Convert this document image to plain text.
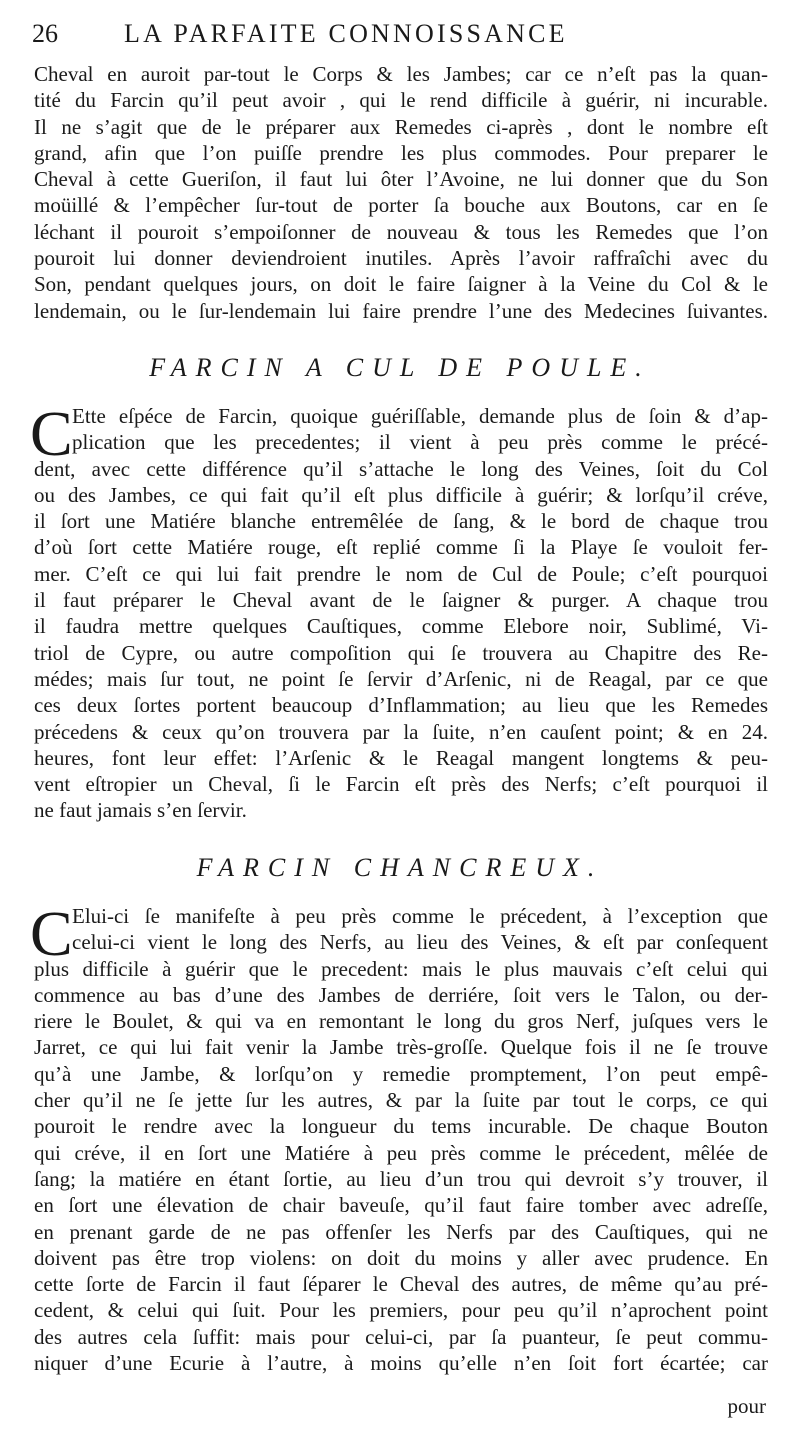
26	LA PARFAITE CONNOISSANCE
Cheval en auroit par-tout le Corps & les Jambes; car ce n’eſt pas la quan-
tité du Farcin qu’il peut avoir , qui le rend difficile à guérir, ni incurable.
Il ne s’agit que de le préparer aux Remedes ci-après , dont le nombre eſt
grand, afin que l’on puiſſe prendre les plus commodes. Pour preparer le
Cheval à cette Gueriſon, il faut lui ôter l’Avoine, ne lui donner que du Son
moüillé & l’empêcher ſur-tout de porter ſa bouche aux Boutons, car en ſe
léchant il pouroit s’empoiſonner de nouveau & tous les Remedes que l’on
pouroit lui donner deviendroient inutiles. Après l’avoir raffraîchi avec du
Son, pendant quelques jours, on doit le faire ſaigner à la Veine du Col & le
lendemain, ou le ſur-lendemain lui faire prendre l’une des Medecines ſuivantes.
FARCIN A CUL DE POULE.
C Ette eſpéce de Farcin, quoique guériſſable, demande plus de ſoin & d’ap-
plication que les precedentes; il vient à peu près comme le précé-
dent, avec cette différence qu’il s’attache le long des Veines, ſoit du Col
ou des Jambes, ce qui fait qu’il eſt plus difficile à guérir; & lorſqu’il créve,
il ſort une Matiére blanche entremêlée de ſang, & le bord de chaque trou
d’où ſort cette Matiére rouge, eſt replié comme ſi la Playe ſe vouloit fer-
mer. C’eſt ce qui lui fait prendre le nom de Cul de Poule; c’eſt pourquoi
il faut préparer le Cheval avant de le ſaigner & purger. A chaque trou
il faudra mettre quelques Cauſtiques, comme Elebore noir, Sublimé, Vi-
triol de Cypre, ou autre compoſition qui ſe trouvera au Chapitre des Re-
médes; mais ſur tout, ne point ſe ſervir d’Arſenic, ni de Reagal, par ce que
ces deux ſortes portent beaucoup d’Inflammation; au lieu que les Remedes
précedens & ceux qu’on trouvera par la ſuite, n’en cauſent point; & en 24.
heures, font leur effet: l’Arſenic & le Reagal mangent longtems & peu-
vent eſtropier un Cheval, ſi le Farcin eſt près des Nerfs; c’eſt pourquoi il
ne faut jamais s’en ſervir.
FARCIN CHANCREUX.
C Elui-ci ſe manifeſte à peu près comme le précedent, à l’exception que
celui-ci vient le long des Nerfs, au lieu des Veines, & eſt par conſequent
plus difficile à guérir que le precedent: mais le plus mauvais c’eſt celui qui
commence au bas d’une des Jambes de derriére, ſoit vers le Talon, ou der-
riere le Boulet, & qui va en remontant le long du gros Nerf, juſques vers le
Jarret, ce qui lui fait venir la Jambe très-groſſe. Quelque fois il ne ſe trouve
qu’à une Jambe, & lorſqu’on y remedie promptement, l’on peut empê-
cher qu’il ne ſe jette ſur les autres, & par la ſuite par tout le corps, ce qui
pouroit le rendre avec la longueur du tems incurable. De chaque Bouton
qui créve, il en ſort une Matiére à peu près comme le précedent, mêlée de
ſang; la matiére en étant ſortie, au lieu d’un trou qui devroit s’y trouver, il
en ſort une élevation de chair baveuſe, qu’il faut faire tomber avec adreſſe,
en prenant garde de ne pas offenſer les Nerfs par des Cauſtiques, qui ne
doivent pas être trop violens: on doit du moins y aller avec prudence. En
cette ſorte de Farcin il faut ſéparer le Cheval des autres, de même qu’au pré-
cedent, & celui qui ſuit. Pour les premiers, pour peu qu’il n’aprochent point
des autres cela ſuffit: mais pour celui-ci, par ſa puanteur, ſe peut commu-
niquer d’une Ecurie à l’autre, à moins qu’elle n’en ſoit fort écartée; car
pour
